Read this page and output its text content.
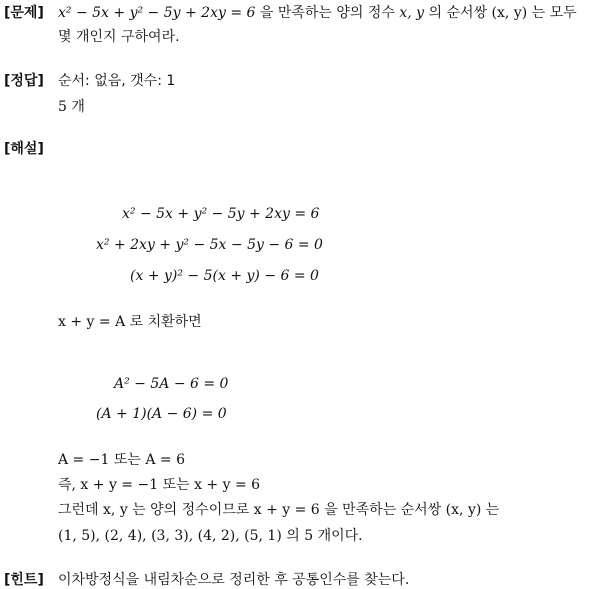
[문제] x² − 5x + y² − 5y + 2xy = 6 을 만족하는 양의 정수 x, y 의 순서쌍 (x, y) 는 모두
몇 개인지 구하여라.
[정답] 순서: 없음, 갯수: 1
5 개
[해설]
x² − 5x + y² − 5y + 2xy = 6
x² + 2xy + y² − 5x − 5y − 6 = 0
(x + y)² − 5(x + y) − 6 = 0
x + y = A 로 치환하면
A² − 5A − 6 = 0
(A + 1)(A − 6) = 0
A = −1 또는 A = 6
즉, x + y = −1 또는 x + y = 6
그런데 x, y 는 양의 정수이므로 x + y = 6 을 만족하는 순서쌍 (x, y) 는
(1, 5), (2, 4), (3, 3), (4, 2), (5, 1) 의 5 개이다.
[힌트] 이차방정식을 내림차순으로 정리한 후 공통인수를 찾는다.
